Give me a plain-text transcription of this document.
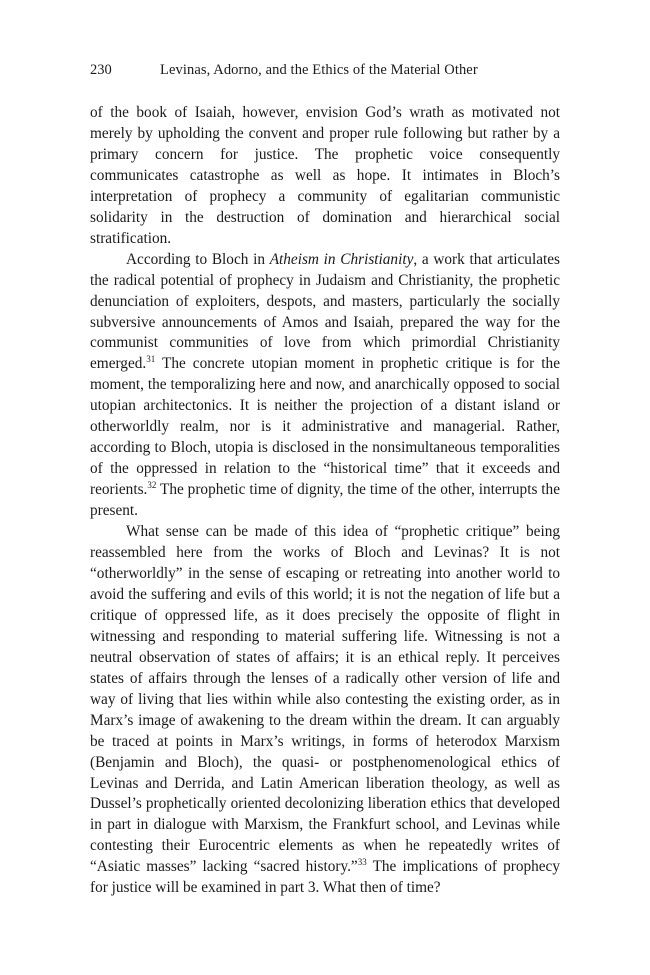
230	Levinas, Adorno, and the Ethics of the Material Other

of the book of Isaiah, however, envision God’s wrath as motivated not merely by upholding the convent and proper rule following but rather by a primary concern for justice. The prophetic voice consequently communicates catastrophe as well as hope. It intimates in Bloch’s interpretation of prophecy a community of egalitarian communistic solidarity in the destruction of domination and hierarchical social stratification.

According to Bloch in Atheism in Christianity, a work that articulates the radical potential of prophecy in Judaism and Christianity, the prophetic denunciation of exploiters, despots, and masters, particularly the socially subversive announcements of Amos and Isaiah, prepared the way for the communist communities of love from which primordial Christianity emerged.$^{31}$ The concrete utopian moment in prophetic critique is for the moment, the temporalizing here and now, and anarchically opposed to social utopian architectonics. It is neither the projection of a distant island or otherworldly realm, nor is it administrative and managerial. Rather, according to Bloch, utopia is disclosed in the nonsimultaneous temporalities of the oppressed in relation to the “historical time” that it exceeds and reorients.$^{32}$ The prophetic time of dignity, the time of the other, interrupts the present.

What sense can be made of this idea of “prophetic critique” being reassembled here from the works of Bloch and Levinas? It is not “otherworldly” in the sense of escaping or retreating into another world to avoid the suffering and evils of this world; it is not the negation of life but a critique of oppressed life, as it does precisely the opposite of flight in witnessing and responding to material suffering life. Witnessing is not a neutral observation of states of affairs; it is an ethical reply. It perceives states of affairs through the lenses of a radically other version of life and way of living that lies within while also contesting the existing order, as in Marx’s image of awakening to the dream within the dream. It can arguably be traced at points in Marx’s writings, in forms of heterodox Marxism (Benjamin and Bloch), the quasi- or postphenomenological ethics of Levinas and Derrida, and Latin American liberation theology, as well as Dussel’s prophetically oriented decolonizing liberation ethics that developed in part in dialogue with Marxism, the Frankfurt school, and Levinas while contesting their Eurocentric elements as when he repeatedly writes of “Asiatic masses” lacking “sacred history.”$^{33}$ The implications of prophecy for justice will be examined in part 3. What then of time?
